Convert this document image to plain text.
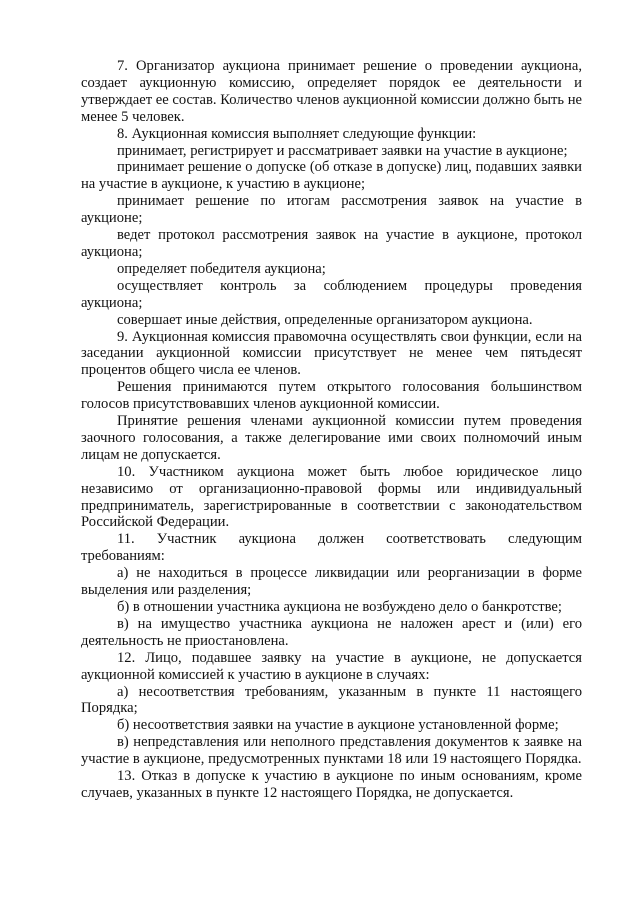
7. Организатор аукциона принимает решение о проведении аукциона, создает аукционную комиссию, определяет порядок ее деятельности и утверждает ее состав. Количество членов аукционной комиссии должно быть не менее 5 человек.

8. Аукционная комиссия выполняет следующие функции:

принимает, регистрирует и рассматривает заявки на участие в аукционе;

принимает решение о допуске (об отказе в допуске) лиц, подавших заявки на участие в аукционе, к участию в аукционе;

принимает решение по итогам рассмотрения заявок на участие в аукционе;

ведет протокол рассмотрения заявок на участие в аукционе, протокол аукциона;

определяет победителя аукциона;

осуществляет контроль за соблюдением процедуры проведения аукциона;

совершает иные действия, определенные организатором аукциона.

9. Аукционная комиссия правомочна осуществлять свои функции, если на заседании аукционной комиссии присутствует не менее чем пятьдесят процентов общего числа ее членов.

Решения принимаются путем открытого голосования большинством голосов присутствовавших членов аукционной комиссии.

Принятие решения членами аукционной комиссии путем проведения заочного голосования, а также делегирование ими своих полномочий иным лицам не допускается.

10. Участником аукциона может быть любое юридическое лицо независимо от организационно-правовой формы или индивидуальный предприниматель, зарегистрированные в соответствии с законодательством Российской Федерации.

11. Участник аукциона должен соответствовать следующим требованиям:

а) не находиться в процессе ликвидации или реорганизации в форме выделения или разделения;

б) в отношении участника аукциона не возбуждено дело о банкротстве;

в) на имущество участника аукциона не наложен арест и (или) его деятельность не приостановлена.

12. Лицо, подавшее заявку на участие в аукционе, не допускается аукционной комиссией к участию в аукционе в случаях:

а) несоответствия требованиям, указанным в пункте 11 настоящего Порядка;

б) несоответствия заявки на участие в аукционе установленной форме;

в) непредставления или неполного представления документов к заявке на участие в аукционе, предусмотренных пунктами 18 или 19 настоящего Порядка.

13. Отказ в допуске к участию в аукционе по иным основаниям, кроме случаев, указанных в пункте 12 настоящего Порядка, не допускается.
